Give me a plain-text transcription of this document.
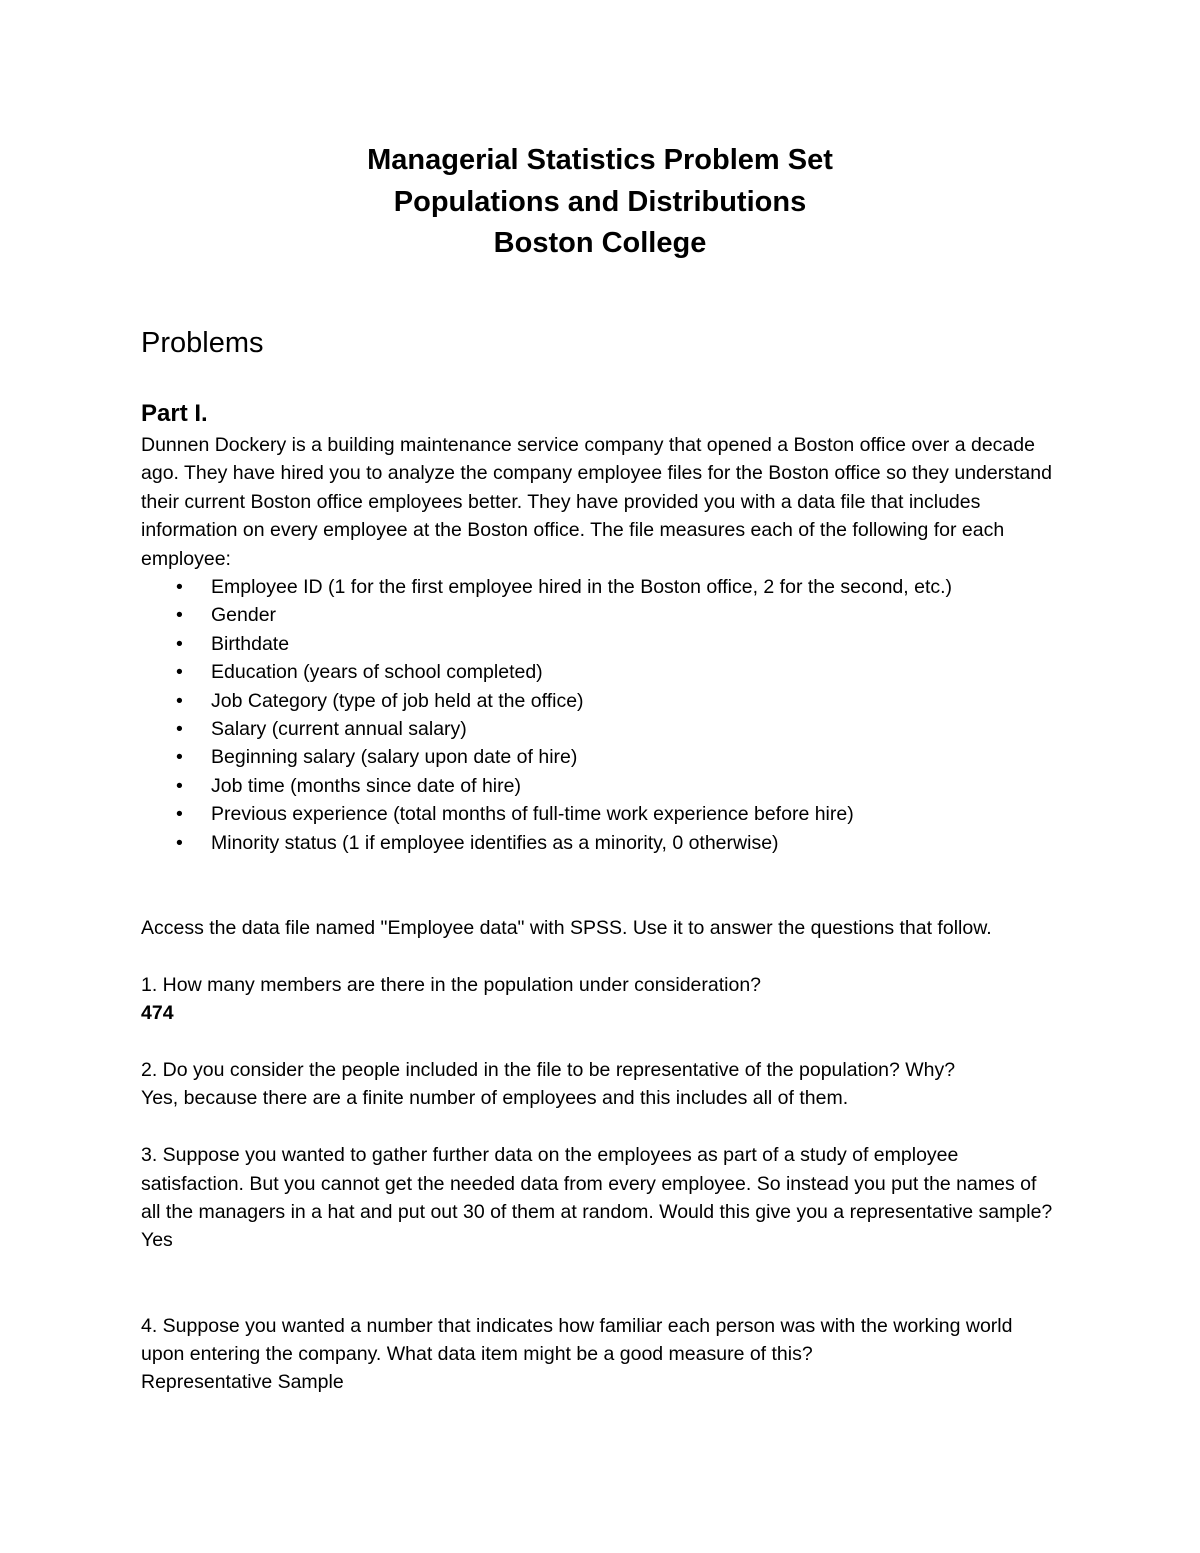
Managerial Statistics Problem Set

Populations and Distributions

Boston College

Problems
Part I.

Dunnen Dockery is a building maintenance service company that opened a Boston office over a decade ago. They have hired you to analyze the company employee files for the Boston office so they understand their current Boston office employees better. They have provided you with a data file that includes information on every employee at the Boston office. The file measures each of the following for each employee:

• Employee ID (1 for the first employee hired in the Boston office, 2 for the second, etc.)
• Gender
• Birthdate
• Education (years of school completed)
• Job Category (type of job held at the office)
• Salary (current annual salary)
• Beginning salary (salary upon date of hire)
• Job time (months since date of hire)
• Previous experience (total months of full-time work experience before hire)
• Minority status (1 if employee identifies as a minority, 0 otherwise)

Access the data file named "Employee data" with SPSS. Use it to answer the questions that follow.

1. How many members are there in the population under consideration?

474

2. Do you consider the people included in the file to be representative of the population? Why?

Yes, because there are a finite number of employees and this includes all of them.

3. Suppose you wanted to gather further data on the employees as part of a study of employee satisfaction. But you cannot get the needed data from every employee. So instead you put the names of all the managers in a hat and put out 30 of them at random. Would this give you a representative sample? Yes

4. Suppose you wanted a number that indicates how familiar each person was with the working world upon entering the company. What data item might be a good measure of this?

Representative Sample
